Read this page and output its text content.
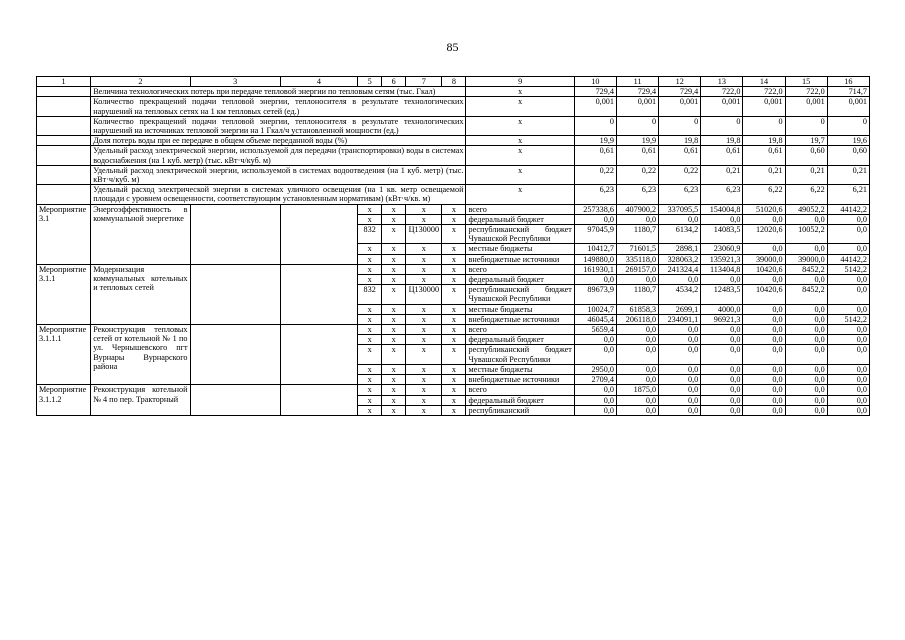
85
1	2	3	4	5	6	7	8	9	10	11	12	13	14	15	16
	Величина технологических потерь при передаче тепловой энергии по тепловым сетям (тыс. Гкал)							х	729,4	729,4	729,4	722,0	722,0	722,0	714,7
	Количество прекращений подачи тепловой энергии, теплоносителя в результате технологических нарушений на тепловых сетях на 1 км тепловых сетей (ед.)							х	0,001	0,001	0,001	0,001	0,001	0,001	0,001
	Количество прекращений подачи тепловой энергии, теплоносителя в результате технологических нарушений на источниках тепловой энергии на 1 Гкал/ч установленной мощности (ед.)							х	0	0	0	0	0	0	0
	Доля потерь воды при ее передаче в общем объеме переданной воды (%)							х	19,9	19,9	19,8	19,8	19,8	19,7	19,6
	Удельный расход электрической энергии, используемой для передачи (транспортировки) воды в системах водоснабжения (на 1 куб. метр) (тыс. кВт·ч/куб. м)							х	0,61	0,61	0,61	0,61	0,61	0,60	0,60
	Удельный расход электрической энергии, используемой в системах водоотведения (на 1 куб. метр) (тыс. кВт·ч/куб. м)							х	0,22	0,22	0,22	0,21	0,21	0,21	0,21
	Удельный расход электрической энергии в системах уличного освещения (на 1 кв. метр освещаемой площади с уровнем освещенности, соответствующим установленным нормативам) (кВт·ч/кв. м)							х	6,23	6,23	6,23	6,23	6,22	6,22	6,21
Мероприятие 3.1	Энергоэффективность в коммунальной энергетике			х	х	х	х	всего	257338,6	407900,2	337095,5	154004,8	51020,6	49052,2	44142,2
				х	х	х	х	федеральный бюджет	0,0	0,0	0,0	0,0	0,0	0,0	0,0
				832	х	Ц130000	х	республиканский бюджет Чувашской Республики	97045,9	1180,7	6134,2	14083,5	12020,6	10052,2	0,0
				х	х	х	х	местные бюджеты	10412,7	71601,5	2898,1	23060,9	0,0	0,0	0,0
				х	х	х	х	внебюджетные источники	149880,0	335118,0	328063,2	135921,3	39000,0	39000,0	44142,2
Мероприятие 3.1.1	Модернизация коммунальных котельных и тепловых сетей			х	х	х	х	всего	161930,1	269157,0	241324,4	113404,8	10420,6	8452,2	5142,2
				х	х	х	х	федеральный бюджет	0,0	0,0	0,0	0,0	0,0	0,0	0,0
				832	х	Ц130000	х	республиканский бюджет Чувашской Республики	89673,9	1180,7	4534,2	12483,5	10420,6	8452,2	0,0
				х	х	х	х	местные бюджеты	10024,7	61858,3	2699,1	4000,0	0,0	0,0	0,0
				х	х	х	х	внебюджетные источники	46045,4	206118,0	234091,1	96921,3	0,0	0,0	5142,2
Мероприятие 3.1.1.1	Реконструкция тепловых сетей от котельной № 1 по ул. Чернышевского пгт Вурнары Вурнарского района			х	х	х	х	всего	5659,4	0,0	0,0	0,0	0,0	0,0	0,0
				х	х	х	х	федеральный бюджет	0,0	0,0	0,0	0,0	0,0	0,0	0,0
				х	х	х	х	республиканский бюджет Чувашской Республики	0,0	0,0	0,0	0,0	0,0	0,0	0,0
				х	х	х	х	местные бюджеты	2950,0	0,0	0,0	0,0	0,0	0,0	0,0
				х	х	х	х	внебюджетные источники	2709,4	0,0	0,0	0,0	0,0	0,0	0,0
Мероприятие 3.1.1.2	Реконструкция котельной № 4 по пер. Тракторный			х	х	х	х	всего	0,0	1875,0	0,0	0,0	0,0	0,0	0,0
				х	х	х	х	федеральный бюджет	0,0	0,0	0,0	0,0	0,0	0,0	0,0
				х	х	х	х	республиканский	0,0	0,0	0,0	0,0	0,0	0,0	0,0
